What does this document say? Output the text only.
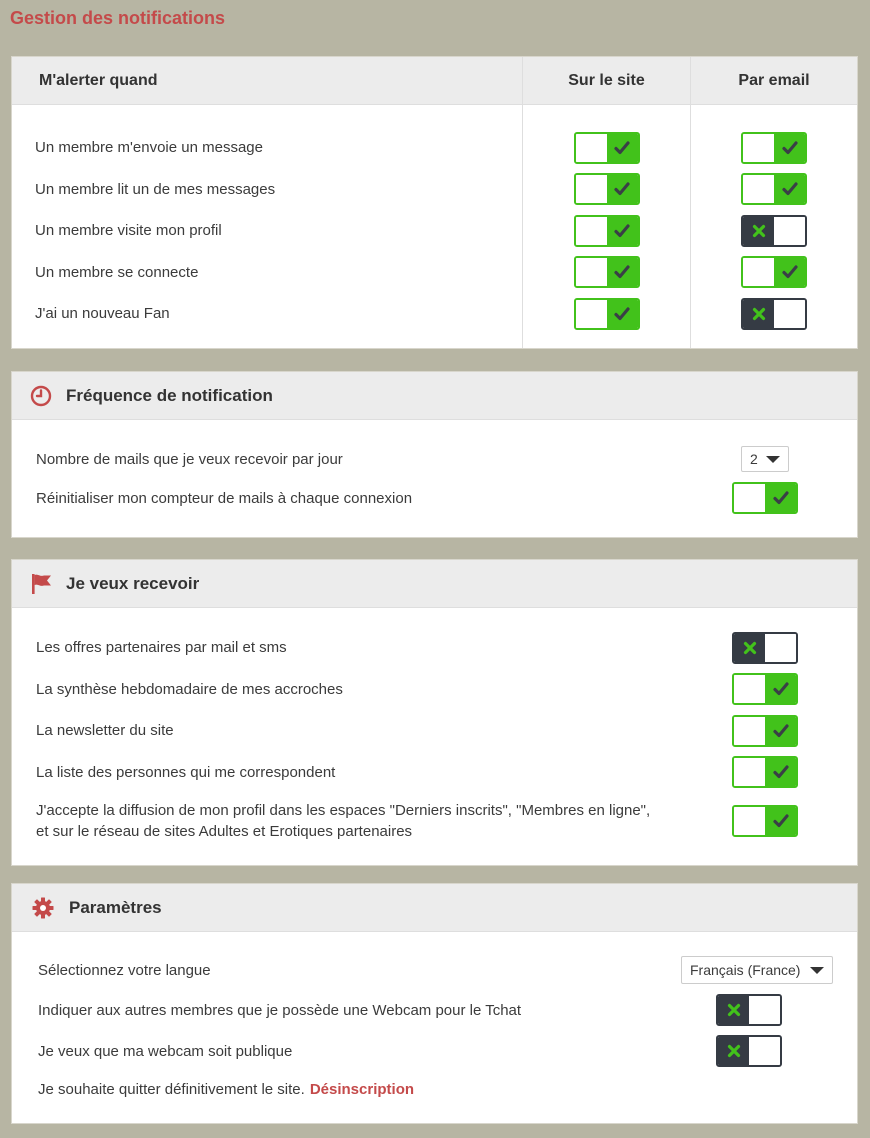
Gestion des notifications
M'alerter quand	Sur le site	Par email
Un membre m'envoie un message
Un membre lit un de mes messages
Un membre visite mon profil
Un membre se connecte
J'ai un nouveau Fan
Fréquence de notification
Nombre de mails que je veux recevoir par jour	2
Réinitialiser mon compteur de mails à chaque connexion
Je veux recevoir
Les offres partenaires par mail et sms
La synthèse hebdomadaire de mes accroches
La newsletter du site
La liste des personnes qui me correspondent
J'accepte la diffusion de mon profil dans les espaces "Derniers inscrits", "Membres en ligne", et sur le réseau de sites Adultes et Erotiques partenaires
Paramètres
Sélectionnez votre langue	Français (France)
Indiquer aux autres membres que je possède une Webcam pour le Tchat
Je veux que ma webcam soit publique
Je souhaite quitter définitivement le site. Désinscription
